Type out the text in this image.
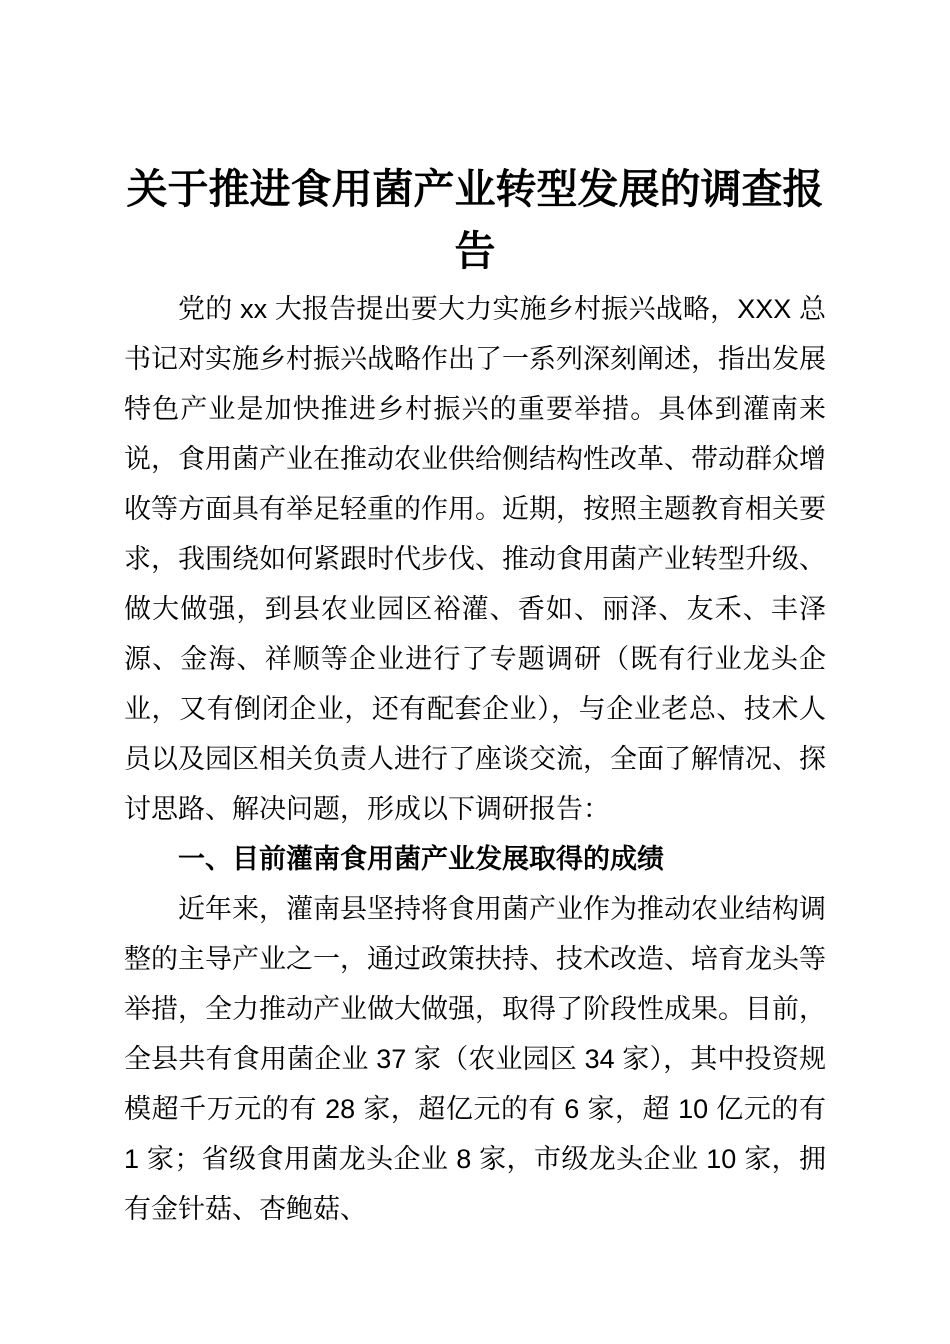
关于推进食用菌产业转型发展的调查报告

党的 xx 大报告提出要大力实施乡村振兴战略，XXX 总书记对实施乡村振兴战略作出了一系列深刻阐述，指出发展特色产业是加快推进乡村振兴的重要举措。具体到灌南来说，食用菌产业在推动农业供给侧结构性改革、带动群众增收等方面具有举足轻重的作用。近期，按照主题教育相关要求，我围绕如何紧跟时代步伐、推动食用菌产业转型升级、做大做强，到县农业园区裕灌、香如、丽泽、友禾、丰泽源、金海、祥顺等企业进行了专题调研（既有行业龙头企业，又有倒闭企业，还有配套企业），与企业老总、技术人员以及园区相关负责人进行了座谈交流，全面了解情况、探讨思路、解决问题，形成以下调研报告：

一、目前灌南食用菌产业发展取得的成绩

近年来，灌南县坚持将食用菌产业作为推动农业结构调整的主导产业之一，通过政策扶持、技术改造、培育龙头等举措，全力推动产业做大做强，取得了阶段性成果。目前，全县共有食用菌企业 37 家（农业园区 34 家），其中投资规模超千万元的有 28 家，超亿元的有 6 家，超 10 亿元的有 1 家；省级食用菌龙头企业 8 家，市级龙头企业 10 家，拥有金针菇、杏鲍菇、
